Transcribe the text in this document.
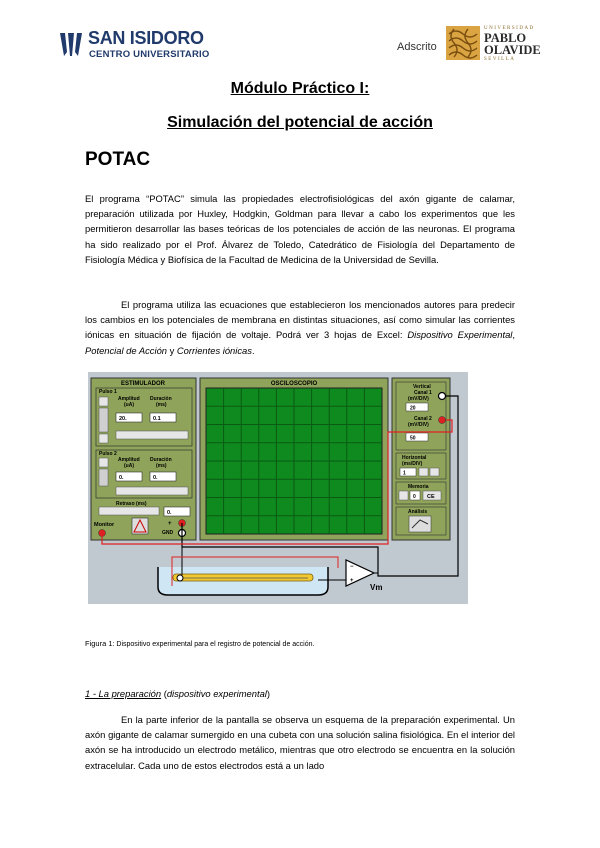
SAN ISIDORO
CENTRO UNIVERSITARIO
Adscrito
UNIVERSIDAD
PABLO
OLAVIDE
SEVILLA
Módulo Práctico I:
Simulación del potencial de acción
POTAC
El programa “POTAC” simula las propiedades electrofisiológicas del axón gigante de calamar, preparación utilizada por Huxley, Hodgkin, Goldman para llevar a cabo los experimentos que les permitieron desarrollar las bases teóricas de los potenciales de acción de las neuronas. El programa ha sido realizado por el Prof. Álvarez de Toledo, Catedrático de Fisiología del Departamento de Fisiología Médica y Biofísica de la Facultad de Medicina de la Universidad de Sevilla.
El programa utiliza las ecuaciones que establecieron los mencionados autores para predecir los cambios en los potenciales de membrana en distintas situaciones, así como simular las corrientes iónicas en situación de fijación de voltaje. Podrá ver 3 hojas de Excel: Dispositivo Experimental, Potencial de Acción y Corrientes iónicas.
ESTIMULADOR
Pulso 1
Amplitud Duración
(uA)	(ms)
20.	0.1
Pulso 2
Amplitud Duración
(uA)	(ms)
0.	0.
Retraso (ms)
0.
Monitor	+
GND
OSCILOSCOPIO	Vertical
Canal 1
(mV/DIV)
20
Canal 2
(mV/DIV)
50
Horizontal
(ms/DIV)
1
Memoria
0 CE
Análisis
−
+
Vm
Figura 1: Dispositivo experimental para el registro de potencial de acción.
1 - La preparación (dispositivo experimental)
En la parte inferior de la pantalla se observa un esquema de la preparación experimental. Un axón gigante de calamar sumergido en una cubeta con una solución salina fisiológica. En el interior del axón se ha introducido un electrodo metálico, mientras que otro electrodo se encuentra en la solución extracelular. Cada uno de estos electrodos está a un lado
